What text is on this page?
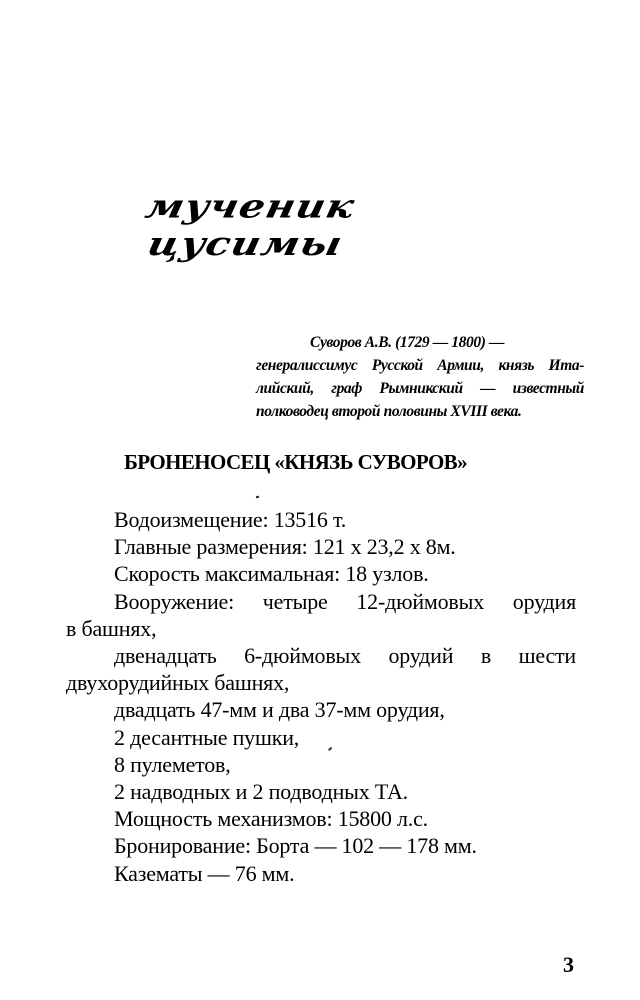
мученик
цусимы
Суворов А.В. (1729 — 1800) —
генералиссимус Русской Армии, князь Ита-
лийский, граф Рымникский — известный
полководец второй половины XVIII века.
БРОНЕНОСЕЦ «КНЯЗЬ СУВОРОВ»
Водоизмещение: 13516 т.
Главные размерения: 121 х 23,2 х 8м.
Скорость максимальная: 18 узлов.
Вооружение: четыре 12-дюймовых орудия
в башнях,
двенадцать 6-дюймовых орудий в шести
двухорудийных башнях,
двадцать 47-мм и два 37-мм орудия,
2 десантные пушки,
8 пулеметов,
2 надводных и 2 подводных ТА.
Мощность механизмов: 15800 л.с.
Бронирование: Борта — 102 — 178 мм.
Казематы — 76 мм.
3
